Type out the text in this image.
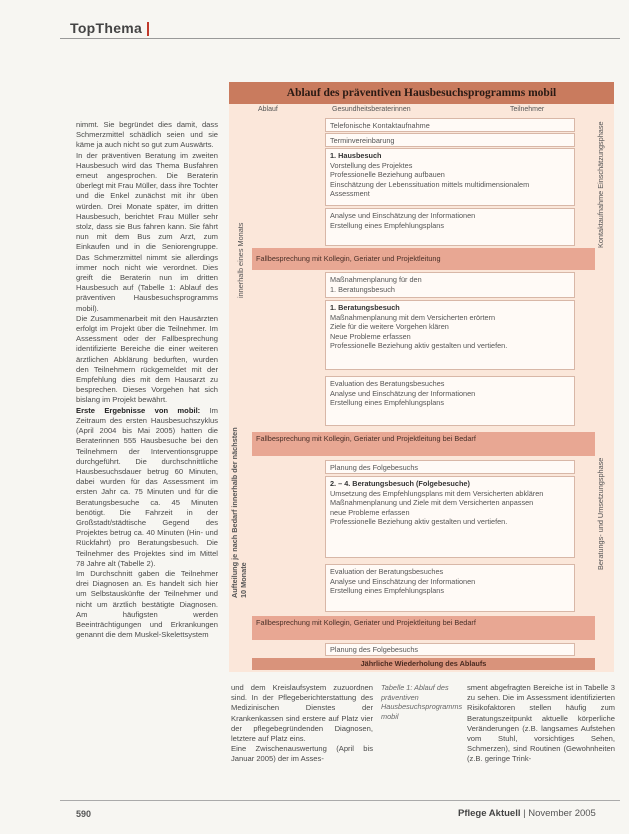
TopThema

nimmt. Sie begründet dies damit, dass Schmerzmittel schädlich seien und sie käme ja auch nicht so gut zum Auswärts.

In der präventiven Beratung im zweiten Hausbesuch wird das Thema Busfahren erneut angesprochen. Die Beraterin überlegt mit Frau Müller, dass ihre Tochter und die Enkel zunächst mit ihr üben würden. Drei Monate später, im dritten Hausbesuch, berichtet Frau Müller sehr stolz, dass sie Bus fahren kann. Sie fährt nun mit dem Bus zum Arzt, zum Einkaufen und in die Seniorengruppe. Das Schmerzmittel nimmt sie allerdings immer noch nicht wie verordnet. Dies greift die Beraterin nun im dritten Hausbesuch auf (Tabelle 1: Ablauf des präventiven Hausbesuchsprogramms mobil).

Die Zusammenarbeit mit den Hausärzten erfolgt im Projekt über die Teilnehmer. Im Assessment oder der Fallbesprechung identifizierte Bereiche die einer weiteren ärztlichen Abklärung bedurften, wurden den Teilnehmern rückgemeldet mit der Empfehlung dies mit dem Hausarzt zu besprechen. Dieses Vorgehen hat sich bislang im Projekt bewährt.

Erste Ergebnisse von mobil: Im Zeitraum des ersten Hausbesuchszyklus (April 2004 bis Mai 2005) hatten die Beraterinnen 555 Hausbesuche bei den Teilnehmern der Interventionsgruppe durchgeführt. Die durchschnittliche Hausbesuchsdauer betrug 60 Minuten, dabei wurden für das Assessment im ersten Jahr ca. 75 Minuten und für die Beratungsbesuche ca. 45 Minuten benötigt. Die Fahrzeit in der Großstadt/städtische Gegend des Projektes betrug ca. 40 Minuten (Hin- und Rückfahrt) pro Beratungsbesuch. Die Teilnehmer des Projektes sind im Mittel 78 Jahre alt (Tabelle 2).

Im Durchschnitt gaben die Teilnehmer drei Diagnosen an. Es handelt sich hier um Selbstauskünfte der Teilnehmer und nicht um ärztlich bestätigte Diagnosen. Am häufigsten werden Beeinträchtigungen und Erkrankungen genannt die dem Muskel-Skelettsystem

Ablauf des präventiven Hausbesuchsprogramms mobil
Ablauf	Gesundheitsberaterinnen	Teilnehmer
Telefonische Kontaktaufnahme
Terminvereinbarung
1. Hausbesuch
Vorstellung des Projektes
Professionelle Beziehung aufbauen
Einschätzung der Lebenssituation mittels multidimensionalem Assessment
Analyse und Einschätzung der Informationen
Erstellung eines Empfehlungsplans
Fallbesprechung mit Kollegin, Geriater und Projektleitung
Maßnahmenplanung für den
1. Beratungsbesuch
1. Beratungsbesuch
Maßnahmenplanung mit dem Versicherten erörtern
Ziele für die weitere Vorgehen klären
Neue Probleme erfassen
Professionelle Beziehung aktiv gestalten und vertiefen.
Evaluation des Beratungsbesuches
Analyse und Einschätzung der Informationen
Erstellung eines Empfehlungsplans
Fallbesprechung mit Kollegin, Geriater und Projektleitung bei Bedarf
Planung des Folgebesuchs
2. – 4. Beratungsbesuch (Folgebesuche)
Umsetzung des Empfehlungsplans mit dem Versicherten abklären
Maßnahmenplanung und Ziele mit dem Versicherten anpassen
neue Probleme erfassen
Professionelle Beziehung aktiv gestalten und vertiefen.
Evaluation der Beratungsbesuches
Analyse und Einschätzung der Informationen
Erstellung eines Empfehlungsplans
Fallbesprechung mit Kollegin, Geriater und Projektleitung bei Bedarf
Planung des Folgebesuchs
Jährliche Wiederholung des Ablaufs
innerhalb eines Monats
Aufteilung je nach Bedarf innerhalb der nächsten 10 Monate
Kontaktaufnahme Einschätzungsphase
Beratungs- und Umsetzungsphase

und dem Kreislaufsystem zuzuordnen sind. In der Pflegeberichterstattung des Medizinischen Dienstes der Krankenkassen sind erstere auf Platz vier der pflegebegründenden Diagnosen, letztere auf Platz eins.

Eine Zwischenauswertung (April bis Januar 2005) der im Asses-

Tabelle 1: Ablauf des präventiven Hausbesuchsprogramms mobil

sment abgefragten Bereiche ist in Tabelle 3 zu sehen. Die im Assessment identifizierten Risikofaktoren stellen häufig zum Beratungszeitpunkt aktuelle körperliche Veränderungen (z.B. langsames Aufstehen vom Stuhl, vorsichtiges Sehen, Schmerzen), sind Routinen (Gewohnheiten (z.B. geringe Trink-

590	Pflege Aktuell | November 2005
